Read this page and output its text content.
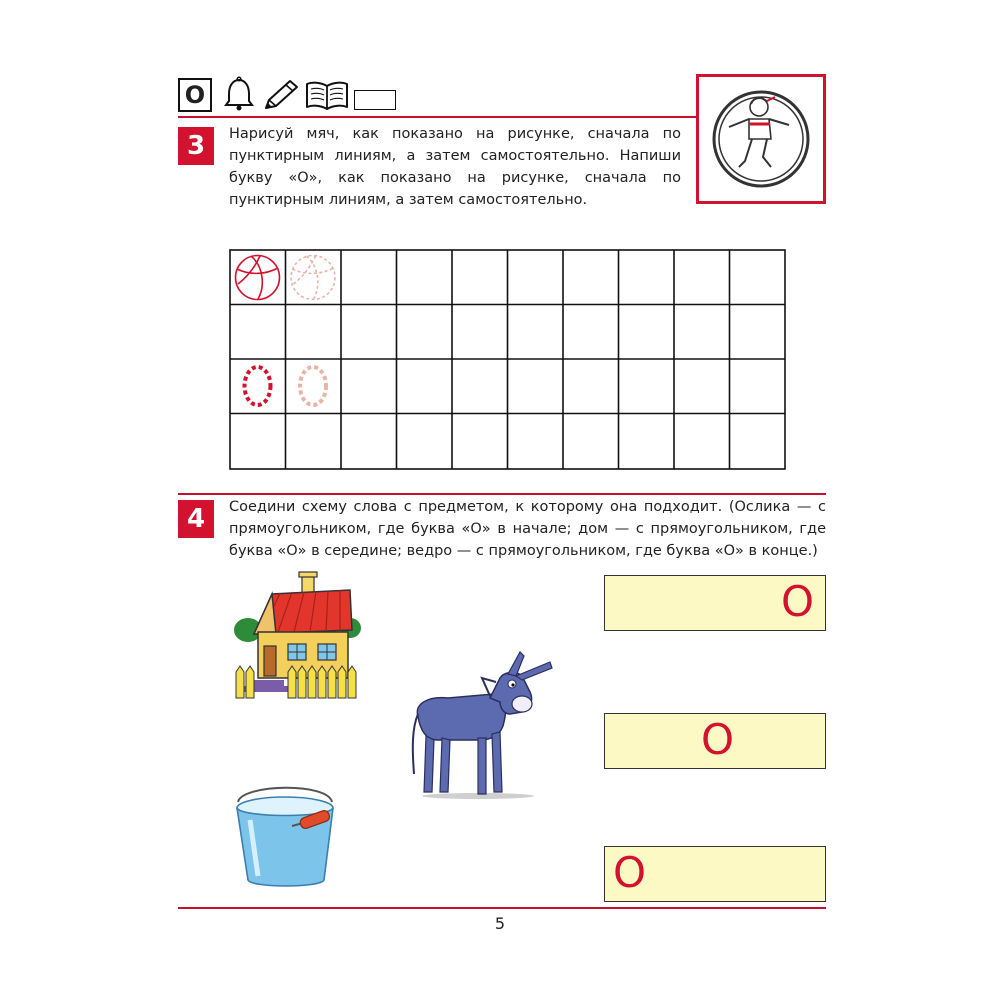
О
3	Нарисуй мяч, как показано на рисунке, сначала по пунктирным линиям, а затем самостоятельно. Напиши букву «О», как показано на рисунке, сначала по пунктирным линиям, а затем самостоятельно.
4	Соедини схему слова с предметом, к которому она подходит. (Ослика — с прямоугольником, где буква «О» в начале; дом — с прямоугольником, где буква «О» в середине; ведро — с прямоугольником, где буква «О» в конце.)
О
О
О
5
